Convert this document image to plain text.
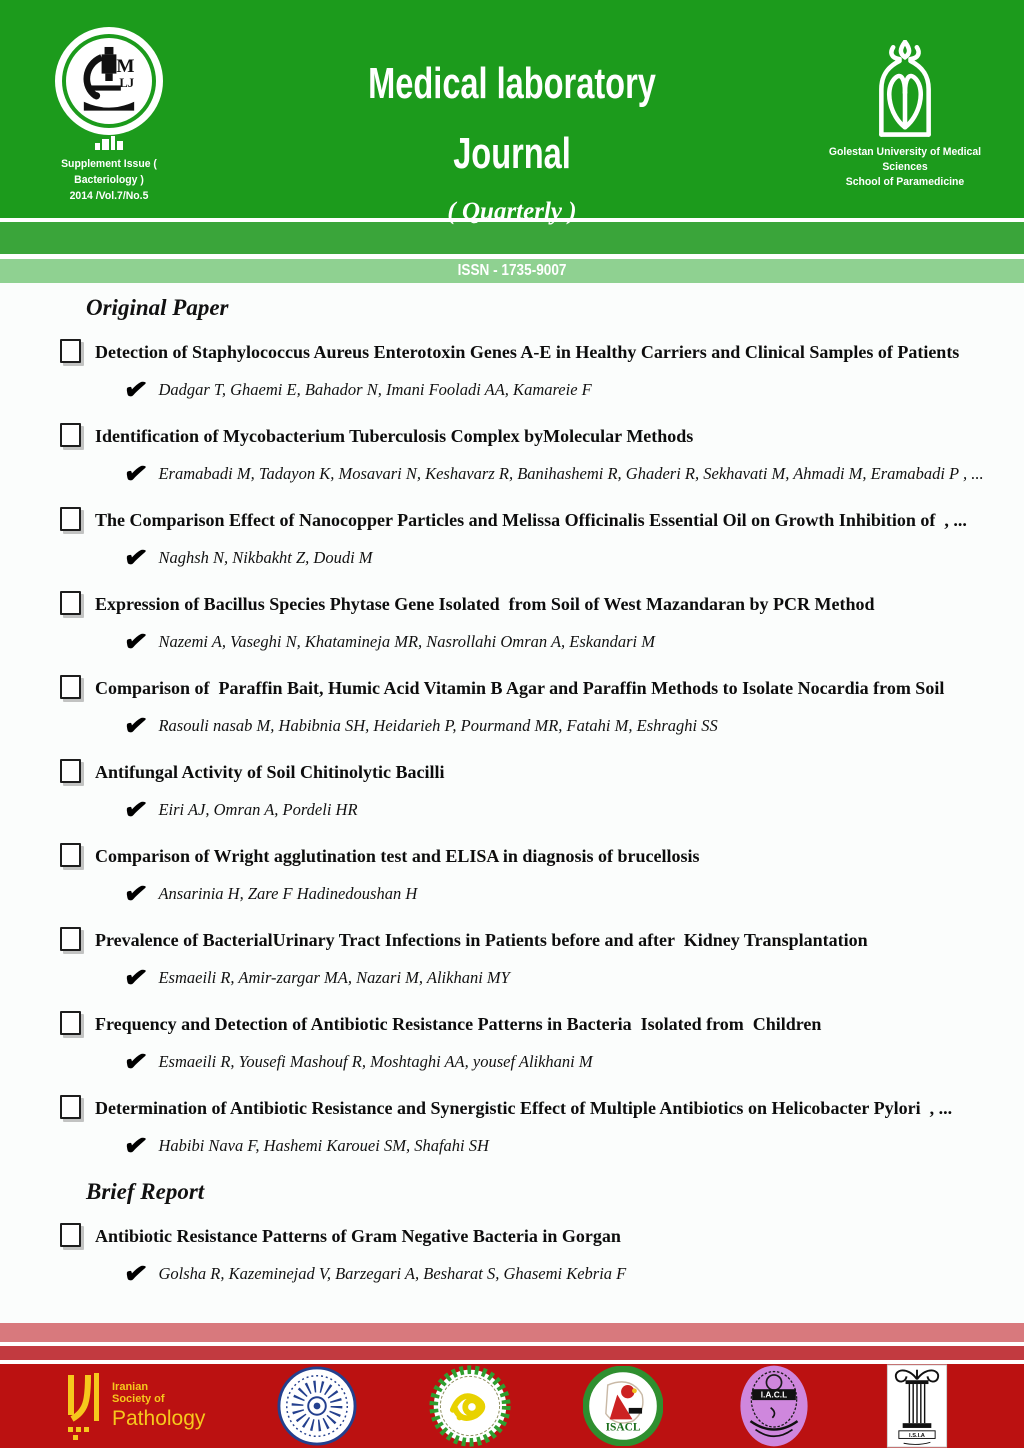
Medical laboratory
Journal
( Quarterly )
M
LJ
Supplement Issue ( Bacteriology )
2014 /Vol.7/No.5
Golestan University of Medical Sciences
School of Paramedicine
ISSN - 1735-9007
Original Paper
Detection of Staphylococcus Aureus Enterotoxin Genes A-E in Healthy Carriers and Clinical Samples of Patients
✔ Dadgar T, Ghaemi E, Bahador N, Imani Fooladi AA, Kamareie F
Identification of Mycobacterium Tuberculosis Complex byMolecular Methods
✔ Eramabadi M, Tadayon K, Mosavari N, Keshavarz R, Banihashemi R, Ghaderi R, Sekhavati M, Ahmadi M, Eramabadi P , ...
The Comparison Effect of Nanocopper Particles and Melissa Officinalis Essential Oil on Growth Inhibition of  , ...
✔ Naghsh N, Nikbakht Z, Doudi M
Expression of Bacillus Species Phytase Gene Isolated  from Soil of West Mazandaran by PCR Method
✔ Nazemi A, Vaseghi N, Khatamineja MR, Nasrollahi Omran A, Eskandari M
Comparison of  Paraffin Bait, Humic Acid Vitamin B Agar and Paraffin Methods to Isolate Nocardia from Soil
✔ Rasouli nasab M, Habibnia SH, Heidarieh P, Pourmand MR, Fatahi M, Eshraghi SS
Antifungal Activity of Soil Chitinolytic Bacilli
✔ Eiri AJ, Omran A, Pordeli HR
Comparison of Wright agglutination test and ELISA in diagnosis of brucellosis
✔ Ansarinia H, Zare F Hadinedoushan H
Prevalence of BacterialUrinary Tract Infections in Patients before and after  Kidney Transplantation
✔ Esmaeili R, Amir-zargar MA, Nazari M, Alikhani MY
Frequency and Detection of Antibiotic Resistance Patterns in Bacteria  Isolated from  Children
✔ Esmaeili R, Yousefi Mashouf R, Moshtaghi AA, yousef Alikhani M
Determination of Antibiotic Resistance and Synergistic Effect of Multiple Antibiotics on Helicobacter Pylori  , ...
✔ Habibi Nava F, Hashemi Karouei SM, Shafahi SH
Brief Report
Antibiotic Resistance Patterns of Gram Negative Bacteria in Gorgan
✔ Golsha R, Kazeminejad V, Barzegari A, Besharat S, Ghasemi Kebria F
Iranian
Society of
Pathology	ISACL
I.A.C.L
I.S.I.A
